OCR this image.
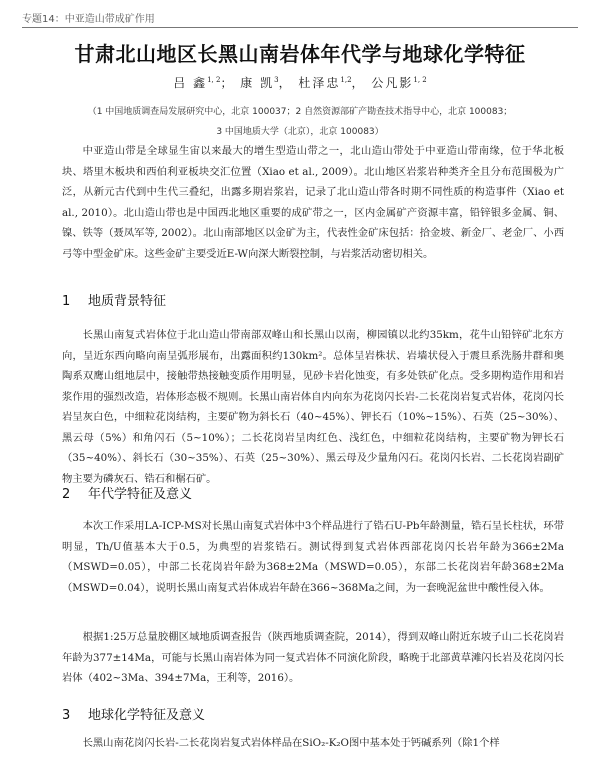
专题14：中亚造山带成矿作用
甘肃北山地区长黑山南岩体年代学与地球化学特征
吕 鑫$^{1, 2}$； 康 凯$^3$， 杜泽忠$^{1,2}$， 公凡影$^{1, 2}$
（1 中国地质调查局发展研究中心，北京 100037；2 自然资源部矿产勘查技术指导中心，北京 100083；
3 中国地质大学（北京），北京 100083）
中亚造山带是全球显生宙以来最大的增生型造山带之一，北山造山带处于中亚造山带南缘，位于华北板块、塔里木板块和西伯利亚板块交汇位置（Xiao et al., 2009）。北山地区岩浆岩种类齐全且分布范围极为广泛，从新元古代到中生代三叠纪，出露多期岩浆岩，记录了北山造山带各时期不同性质的构造事件（Xiao et al., 2010）。北山造山带也是中国西北地区重要的成矿带之一，区内金属矿产资源丰富，铅锌银多金属、铜、镍、铁等（聂凤军等, 2002）。北山南部地区以金矿为主，代表性金矿床包括：拾金坡、新金厂、老金厂、小西弓等中型金矿床。这些金矿主要受近E-W向深大断裂控制，与岩浆活动密切相关。
1 地质背景特征
长黑山南复式岩体位于北山造山带南部双峰山和长黑山以南，柳园镇以北约35km，花牛山铅锌矿北东方向，呈近东西向略向南呈弧形展布，出露面积约130km²。总体呈岩株状、岩墙状侵入于震旦系洗肠井群和奥陶系双鹰山组地层中，接触带热接触变质作用明显，见砂卡岩化蚀变，有多处铁矿化点。受多期构造作用和岩浆作用的强烈改造，岩体形态极不规则。长黑山南岩体自内向东为花岗闪长岩-二长花岗岩复式岩体，花岗闪长岩呈灰白色，中细粒花岗结构，主要矿物为斜长石（40~45%）、钾长石（10%~15%）、石英（25~30%）、黑云母（5%）和角闪石（5~10%）；二长花岗岩呈肉红色、浅红色，中细粒花岗结构，主要矿物为钾长石（35~40%）、斜长石（30~35%）、石英（25~30%）、黑云母及少量角闪石。花岗闪长岩、二长花岗岩副矿物主要为磷灰石、锆石和榍石矿。
2 年代学特征及意义
本次工作采用LA-ICP-MS对长黑山南复式岩体中3个样品进行了锆石U-Pb年龄测量，锆石呈长柱状，环带明显，Th/U值基本大于0.5，为典型的岩浆锆石。测试得到复式岩体西部花岗闪长岩年龄为366±2Ma（MSWD=0.05），中部二长花岗岩年龄为368±2Ma（MSWD=0.05），东部二长花岗岩年龄368±2Ma（MSWD=0.04），说明长黑山南复式岩体成岩年龄在366~368Ma之间，为一套晚泥盆世中酸性侵入体。
根据1:25万总量胶棚区域地质调查报告（陕西地质调查院，2014），得到双峰山附近东坡子山二长花岗岩年龄为377±14Ma，可能与长黑山南岩体为同一复式岩体不同演化阶段，略晚于北部黄草滩闪长岩及花岗闪长岩体（402~3Ma、394±7Ma，王利等，2016）。
3 地球化学特征及意义
长黑山南花岗闪长岩-二长花岗岩复式岩体样品在SiO₂-K₂O图中基本处于钙碱系列（除1个样
